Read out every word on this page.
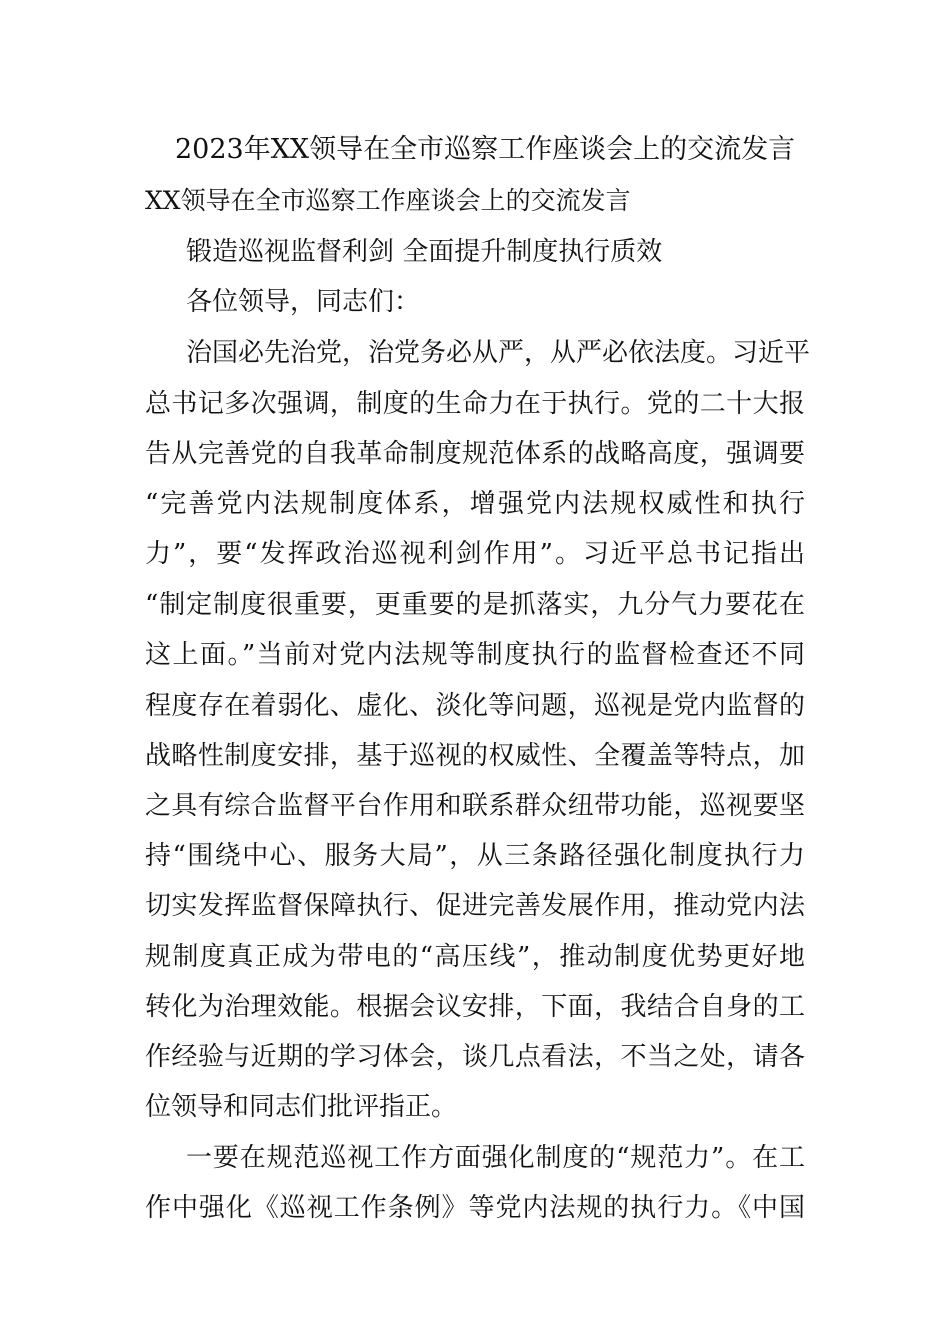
2023年XX领导在全市巡察工作座谈会上的交流发言
XX领导在全市巡察工作座谈会上的交流发言
锻造巡视监督利剑 全面提升制度执行质效
各位领导，同志们：
治国必先治党，治党务必从严，从严必依法度。习近平
总书记多次强调，制度的生命力在于执行。党的二十大报
告从完善党的自我革命制度规范体系的战略高度，强调要
“完善党内法规制度体系，增强党内法规权威性和执行
力”，要“发挥政治巡视利剑作用”。习近平总书记指出
“制定制度很重要，更重要的是抓落实，九分气力要花在
这上面。”当前对党内法规等制度执行的监督检查还不同
程度存在着弱化、虚化、淡化等问题，巡视是党内监督的
战略性制度安排，基于巡视的权威性、全覆盖等特点，加
之具有综合监督平台作用和联系群众纽带功能，巡视要坚
持“围绕中心、服务大局”，从三条路径强化制度执行力
切实发挥监督保障执行、促进完善发展作用，推动党内法
规制度真正成为带电的“高压线”，推动制度优势更好地
转化为治理效能。根据会议安排，下面，我结合自身的工
作经验与近期的学习体会，谈几点看法，不当之处，请各
位领导和同志们批评指正。
一要在规范巡视工作方面强化制度的“规范力”。在工
作中强化《巡视工作条例》等党内法规的执行力。《中国
